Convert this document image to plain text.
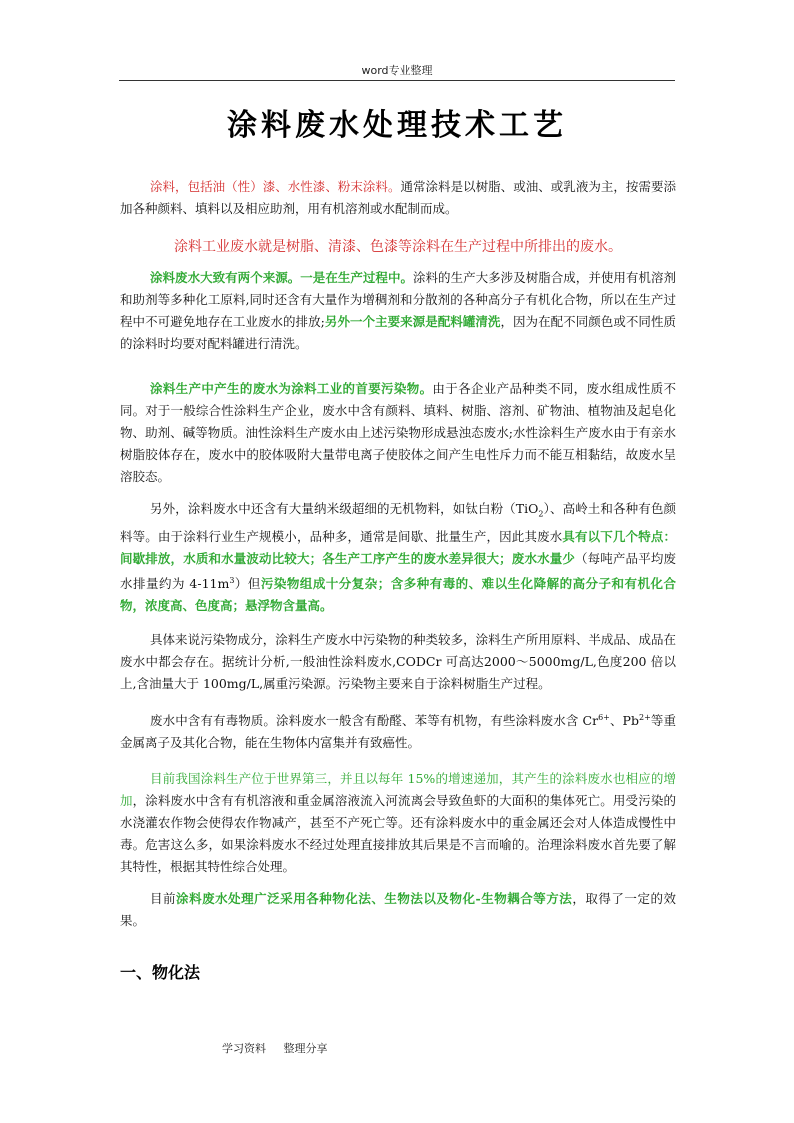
word专业整理
涂料废水处理技术工艺
涂料，包括油（性）漆、水性漆、粉末涂料。通常涂料是以树脂、或油、或乳液为主，按需要添加各种颜料、填料以及相应助剂，用有机溶剂或水配制而成。
涂料工业废水就是树脂、清漆、色漆等涂料在生产过程中所排出的废水。
涂料废水大致有两个来源。一是在生产过程中。涂料的生产大多涉及树脂合成，并使用有机溶剂和助剂等多种化工原料,同时还含有大量作为增稠剂和分散剂的各种高分子有机化合物，所以在生产过程中不可避免地存在工业废水的排放;另外一个主要来源是配料罐清洗，因为在配不同颜色或不同性质的涂料时均要对配料罐进行清洗。
涂料生产中产生的废水为涂料工业的首要污染物。由于各企业产品种类不同，废水组成性质不同。对于一般综合性涂料生产企业，废水中含有颜料、填料、树脂、溶剂、矿物油、植物油及起皂化物、助剂、碱等物质。油性涂料生产废水由上述污染物形成悬浊态废水;水性涂料生产废水由于有亲水树脂胶体存在，废水中的胶体吸附大量带电离子使胶体之间产生电性斥力而不能互相黏结，故废水呈溶胶态。
另外，涂料废水中还含有大量纳米级超细的无机物料，如钛白粉（TiO$_2$）、高岭土和各种有色颜料等。由于涂料行业生产规模小，品种多，通常是间歇、批量生产，因此其废水具有以下几个特点：间歇排放，水质和水量波动比较大；各生产工序产生的废水差异很大；废水水量少（每吨产品平均废水排量约为 $4-11m^3$）但污染物组成十分复杂；含多种有毒的、难以生化降解的高分子和有机化合物，浓度高、色度高；悬浮物含量高。
具体来说污染物成分，涂料生产废水中污染物的种类较多，涂料生产所用原料、半成品、成品在废水中都会存在。据统计分析,一般油性涂料废水,CODCr 可高达2000～5000mg/L,色度200 倍以上,含油量大于 100mg/L,属重污染源。污染物主要来自于涂料树脂生产过程。
废水中含有有毒物质。涂料废水一般含有酚醛、苯等有机物，有些涂料废水含 $Cr^{6+}$、$Pb^{2+}$等重金属离子及其化合物，能在生物体内富集并有致癌性。
目前我国涂料生产位于世界第三，并且以每年 15%的增速递加，其产生的涂料废水也相应的增加，涂料废水中含有有机溶液和重金属溶液流入河流离会导致鱼虾的大面积的集体死亡。用受污染的水浇灌农作物会使得农作物减产，甚至不产死亡等。还有涂料废水中的重金属还会对人体造成慢性中毒。危害这么多，如果涂料废水不经过处理直接排放其后果是不言而喻的。治理涂料废水首先要了解其特性，根据其特性综合处理。
目前涂料废水处理广泛采用各种物化法、生物法以及物化-生物耦合等方法，取得了一定的效果。
一、物化法
学习资料 整理分享
